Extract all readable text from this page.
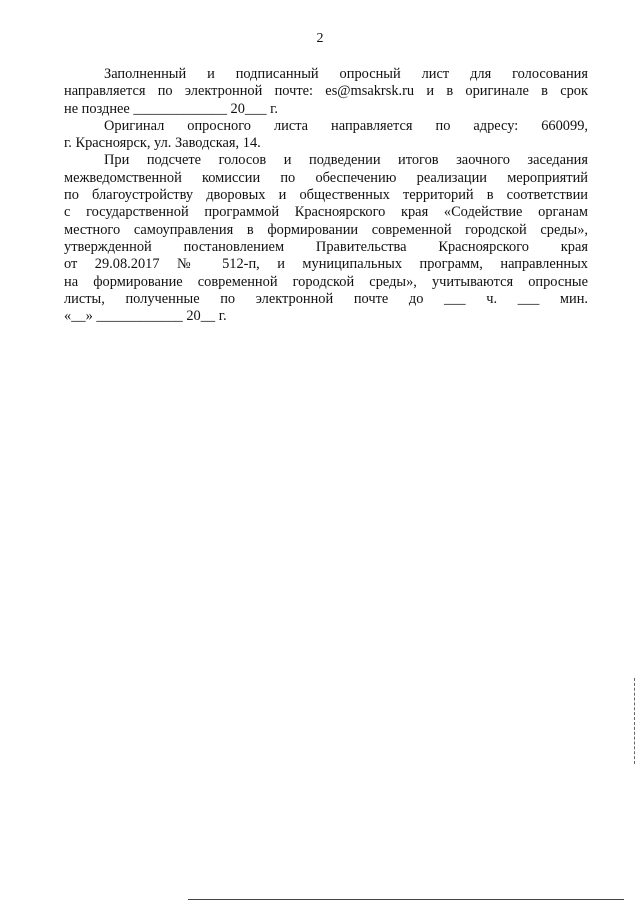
2
Заполненный и подписанный опросный лист для голосования
направляется по электронной почте: es@msakrsk.ru и в оригинале в срок
не позднее _____________ 20___ г.
Оригинал опросного листа направляется по адресу: 660099,
г. Красноярск, ул. Заводская, 14.
При подсчете голосов и подведении итогов заочного заседания
межведомственной комиссии по обеспечению реализации мероприятий
по благоустройству дворовых и общественных территорий в соответствии
с государственной программой Красноярского края «Содействие органам
местного самоуправления в формировании современной городской среды»,
утвержденной постановлением Правительства Красноярского края
от 29.08.2017 № 512-п, и муниципальных программ, направленных
на формирование современной городской среды», учитываются опросные
листы, полученные по электронной почте до ___ ч. ___ мин.
«__» ____________ 20__ г.
